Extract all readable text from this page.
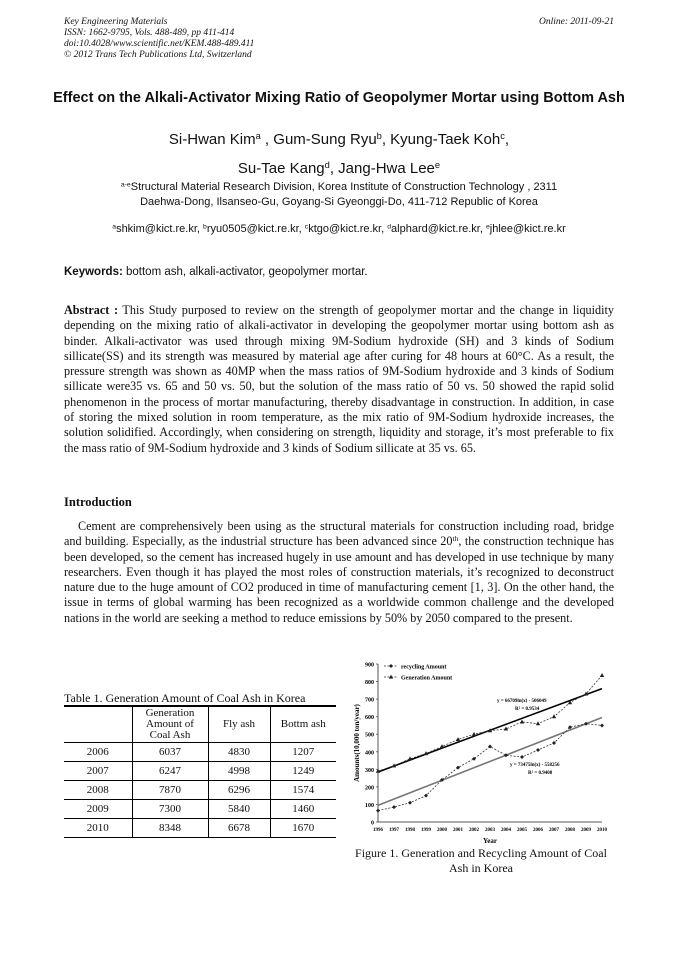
Key Engineering Materials
ISSN: 1662-9795, Vols. 488-489, pp 411-414
doi:10.4028/www.scientific.net/KEM.488-489.411
© 2012 Trans Tech Publications Ltd, Switzerland
Online: 2011-09-21
Effect on the Alkali-Activator Mixing Ratio of Geopolymer Mortar using Bottom Ash
Si-Hwan Kim$^a$ , Gum-Sung Ryu$^b$, Kyung-Taek Koh$^c$,
Su-Tae Kang$^d$, Jang-Hwa Lee$^e$
$^{a-e}$Structural Material Research Division, Korea Institute of Construction Technology , 2311
Daehwa-Dong, Ilsanseo-Gu, Goyang-Si Gyeonggi-Do, 411-712 Republic of Korea
$^a$shkim@kict.re.kr, $^b$ryu0505@kict.re.kr, $^c$ktgo@kict.re.kr, $^d$alphard@kict.re.kr, $^e$jhlee@kict.re.kr
Keywords: bottom ash, alkali-activator, geopolymer mortar.
Abstract : This Study purposed to review on the strength of geopolymer mortar and the change in liquidity depending on the mixing ratio of alkali-activator in developing the geopolymer mortar using bottom ash as binder. Alkali-activator was used through mixing 9M-Sodium hydroxide (SH) and 3 kinds of Sodium sillicate(SS) and its strength was measured by material age after curing for 48 hours at 60°C. As a result, the pressure strength was shown as 40MP when the mass ratios of 9M-Sodium hydroxide and 3 kinds of Sodium sillicate were35 vs. 65 and 50 vs. 50, but the solution of the mass ratio of 50 vs. 50 showed the rapid solid phenomenon in the process of mortar manufacturing, thereby disadvantage in construction. In addition, in case of storing the mixed solution in room temperature, as the mix ratio of 9M-Sodium hydroxide increases, the solution solidified. Accordingly, when considering on strength, liquidity and storage, it’s most preferable to fix the mass ratio of 9M-Sodium hydroxide and 3 kinds of Sodium sillicate at 35 vs. 65.
Introduction
Cement are comprehensively been using as the structural materials for construction including road, bridge and building. Especially, as the industrial structure has been advanced since 20th, the construction technique has been developed, so the cement has increased hugely in use amount and has developed in use technique by many researchers. Even though it has played the most roles of construction materials, it’s recognized to deconstruct nature due to the huge amount of CO2 produced in time of manufacturing cement [1, 3]. On the other hand, the issue in terms of global warming has been recognized as a worldwide common challenge and the developed nations in the world are seeking a method to reduce emissions by 50% by 2050 compared to the present.
Table 1. Generation Amount of Coal Ash in Korea
	Generation Amount of Coal Ash	Fly ash	Bottm ash
2006	6037	4830	1207
2007	6247	4998	1249
2008	7870	6296	1574
2009	7300	5840	1460
2010	8348	6678	1670	0
100
200
300
400
500
600
700
800
900
1996 1997 1998 1999 2000 2001 2002 2003 2004 2005 2006 2007 2008 2009 2010
Year
Amounts(10,000 ton/year)
recycling Amount
Generation Amount
y = 66709ln(x) - 506049
R² = 0.9534
y = 73475ln(x) - 558256
R² = 0.9408
Figure 1. Generation and Recycling Amount of Coal Ash in Korea
